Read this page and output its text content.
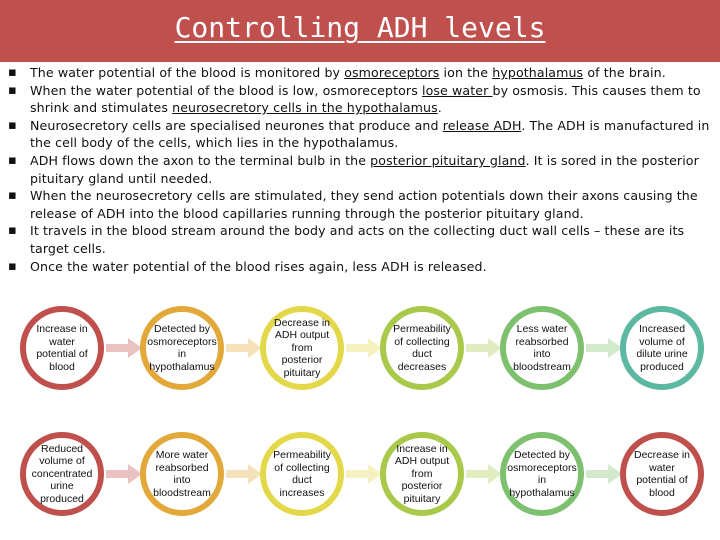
Controlling ADH levels
▪ The water potential of the blood is monitored by osmoreceptors ion the hypothalamus of the brain.
▪ When the water potential of the blood is low, osmoreceptors lose water by osmosis. This causes them to shrink and stimulates neurosecretory cells in the hypothalamus.
▪ Neurosecretory cells are specialised neurones that produce and release ADH. The ADH is manufactured in the cell body of the cells, which lies in the hypothalamus.
▪ ADH flows down the axon to the terminal bulb in the posterior pituitary gland. It is sored in the posterior pituitary gland until needed.
▪ When the neurosecretory cells are stimulated, they send action potentials down their axons causing the release of ADH into the blood capillaries running through the posterior pituitary gland.
▪ It travels in the blood stream around the body and acts on the collecting duct wall cells – these are its target cells.
▪ Once the water potential of the blood rises again, less ADH is released.
Increase in water potential of blood
Detected by osmoreceptors in hypothalamus
Decrease in ADH output from posterior pituitary
Permeability of collecting duct decreases
Less water reabsorbed into bloodstream
Increased volume of dilute urine produced
Reduced volume of concentrated urine produced
More water reabsorbed into bloodstream
Permeability of collecting duct increases
Increase in ADH output from posterior pituitary
Detected by osmoreceptors in hypothalamus
Decrease in water potential of blood
